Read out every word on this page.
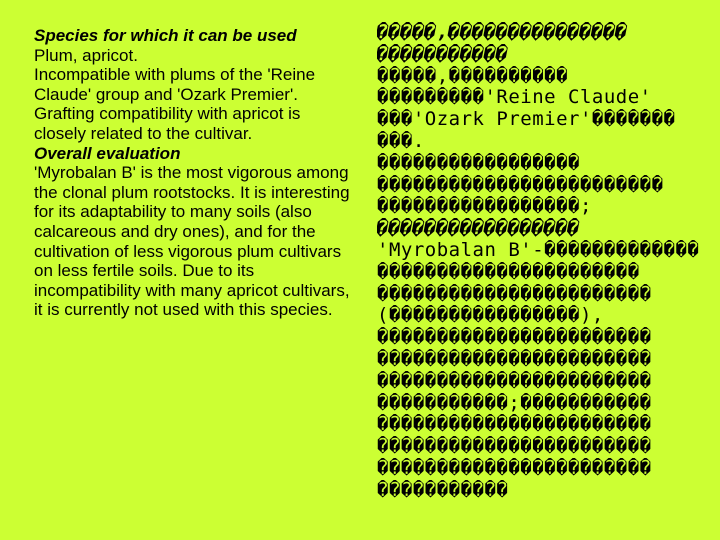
Species for which it can be used

Plum, apricot.

Incompatible with plums of the 'Reine Claude' group and 'Ozark Premier'.

Grafting compatibility with apricot is closely related to the cultivar.

Overall evaluation

'Myrobalan B' is the most vigorous among the clonal plum rootstocks. It is interesting for its adaptability to many soils (also calcareous and dry ones), and for the cultivation of less vigorous plum cultivars on less fertile soils. Due to its incompatibility with many apricot cultivars, it is currently not used with this species.

�����,���������������
�����������
�����,����������
���������'Reine Claude'
���'Ozark Premier'�������
���.
�����������������
������������������������
�����������������;
�����������������
'Myrobalan B'-�������������
����������������������
�����������������������
(����������������),
�����������������������
�����������������������
�����������������������
�����������;�����������
�����������������������
�����������������������
�����������������������
�����������
